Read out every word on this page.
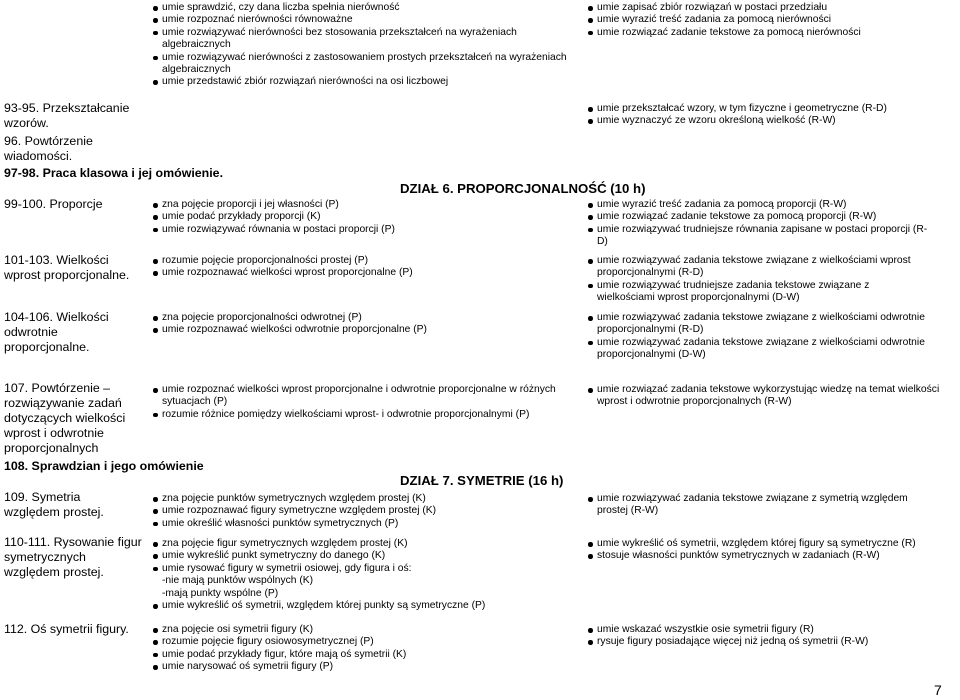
umie sprawdzić, czy dana liczba spełnia nierówność
umie rozpoznać nierówności równoważne
umie rozwiązywać nierówności bez stosowania przekształceń na wyrażeniach algebraicznych
umie rozwiązywać nierówności z zastosowaniem prostych przekształceń na wyrażeniach algebraicznych
umie przedstawić zbiór rozwiązań nierówności na osi liczbowej
umie zapisać zbiór rozwiązań w postaci przedziału
umie wyrazić treść zadania za pomocą nierówności
umie rozwiązać zadanie tekstowe za pomocą nierówności
93-95. Przekształcanie wzorów.
umie przekształcać wzory, w tym fizyczne i geometryczne (R-D)
umie wyznaczyć ze wzoru określoną wielkość (R-W)
96. Powtórzenie wiadomości.
97-98. Praca klasowa i jej omówienie.
DZIAŁ 6. PROPORCJONALNOŚĆ (10 h)
99-100. Proporcje	zna pojęcie proporcji i jej własności (P)
umie podać przykłady proporcji (K)
umie rozwiązywać równania w postaci proporcji (P)
umie wyrazić treść zadania za pomocą proporcji (R-W)
umie rozwiązać zadanie tekstowe za pomocą proporcji (R-W)
umie rozwiązywać trudniejsze równania zapisane w postaci proporcji (R-D)
101-103. Wielkości wprost proporcjonalne.
rozumie pojęcie proporcjonalności prostej (P)
umie rozpoznawać wielkości wprost proporcjonalne (P)
umie rozwiązywać zadania tekstowe związane z wielkościami wprost proporcjonalnymi (R-D)
umie rozwiązywać trudniejsze zadania tekstowe związane z wielkościami wprost proporcjonalnymi (D-W)
104-106. Wielkości odwrotnie proporcjonalne.
zna pojęcie proporcjonalności odwrotnej (P)
umie rozpoznawać wielkości odwrotnie proporcjonalne (P)
umie rozwiązywać zadania tekstowe związane z wielkościami odwrotnie proporcjonalnymi (R-D)
umie rozwiązywać zadania tekstowe związane z wielkościami odwrotnie proporcjonalnymi (D-W)
107. Powtórzenie – rozwiązywanie zadań dotyczących wielkości wprost i odwrotnie proporcjonalnych
umie rozpoznać wielkości wprost proporcjonalne i odwrotnie proporcjonalne w różnych sytuacjach (P)
rozumie różnice pomiędzy wielkościami wprost- i odwrotnie proporcjonalnymi (P)
umie rozwiązać zadania tekstowe wykorzystując wiedzę na temat wielkości wprost i odwrotnie proporcjonalnych (R-W)
108. Sprawdzian i jego omówienie
DZIAŁ 7. SYMETRIE (16 h)
109. Symetria względem prostej.
zna pojęcie punktów symetrycznych względem prostej (K)
umie rozpoznawać figury symetryczne względem prostej (K)
umie określić własności punktów symetrycznych (P)
umie rozwiązywać zadania tekstowe związane z symetrią względem prostej (R-W)
110-111. Rysowanie figur symetrycznych względem prostej.
zna pojęcie figur symetrycznych względem prostej (K)
umie wykreślić punkt symetryczny do danego (K)
umie rysować figury w symetrii osiowej, gdy figura i oś:
-nie mają punktów wspólnych (K)
-mają punkty wspólne (P)
umie wykreślić oś symetrii, względem której punkty są symetryczne (P)
umie wykreślić oś symetrii, względem której figury są symetryczne (R)
stosuje własności punktów symetrycznych w zadaniach (R-W)
112. Oś symetrii figury.	zna pojęcie osi symetrii figury (K)
rozumie pojęcie figury osiowosymetrycznej (P)
umie podać przykłady figur, które mają oś symetrii (K)
umie narysować oś symetrii figury (P)
umie wskazać wszystkie osie symetrii figury (R)
rysuje figury posiadające więcej niż jedną oś symetrii (R-W)
7
